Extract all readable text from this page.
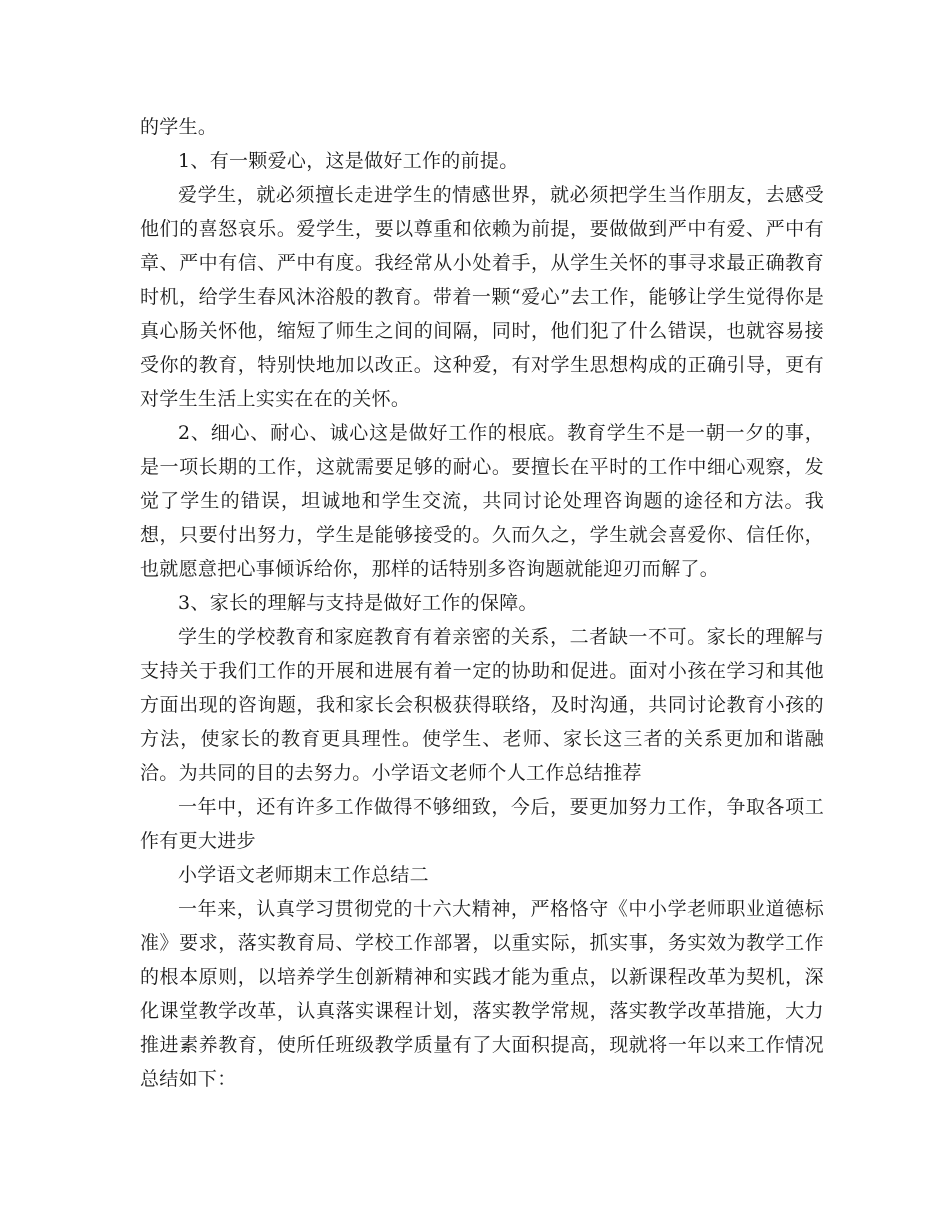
的学生。

1、有一颗爱心，这是做好工作的前提。

爱学生，就必须擅长走进学生的情感世界，就必须把学生当作朋友，去感受他们的喜怒哀乐。爱学生，要以尊重和依赖为前提，要做做到严中有爱、严中有章、严中有信、严中有度。我经常从小处着手，从学生关怀的事寻求最正确教育时机，给学生春风沐浴般的教育。带着一颗“爱心”去工作，能够让学生觉得你是真心肠关怀他，缩短了师生之间的间隔，同时，他们犯了什么错误，也就容易接受你的教育，特别快地加以改正。这种爱，有对学生思想构成的正确引导，更有对学生生活上实实在在的关怀。

2、细心、耐心、诚心这是做好工作的根底。教育学生不是一朝一夕的事，是一项长期的工作，这就需要足够的耐心。要擅长在平时的工作中细心观察，发觉了学生的错误，坦诚地和学生交流，共同讨论处理咨询题的途径和方法。我想，只要付出努力，学生是能够接受的。久而久之，学生就会喜爱你、信任你，也就愿意把心事倾诉给你，那样的话特别多咨询题就能迎刃而解了。

3、家长的理解与支持是做好工作的保障。

学生的学校教育和家庭教育有着亲密的关系，二者缺一不可。家长的理解与支持关于我们工作的开展和进展有着一定的协助和促进。面对小孩在学习和其他方面出现的咨询题，我和家长会积极获得联络，及时沟通，共同讨论教育小孩的方法，使家长的教育更具理性。使学生、老师、家长这三者的关系更加和谐融洽。为共同的目的去努力。小学语文老师个人工作总结推荐

一年中，还有许多工作做得不够细致，今后，要更加努力工作，争取各项工作有更大进步

小学语文老师期末工作总结二

一年来，认真学习贯彻党的十六大精神，严格恪守《中小学老师职业道德标准》要求，落实教育局、学校工作部署，以重实际，抓实事，务实效为教学工作的根本原则，以培养学生创新精神和实践才能为重点，以新课程改革为契机，深化课堂教学改革，认真落实课程计划，落实教学常规，落实教学改革措施，大力推进素养教育，使所任班级教学质量有了大面积提高，现就将一年以来工作情况总结如下：
